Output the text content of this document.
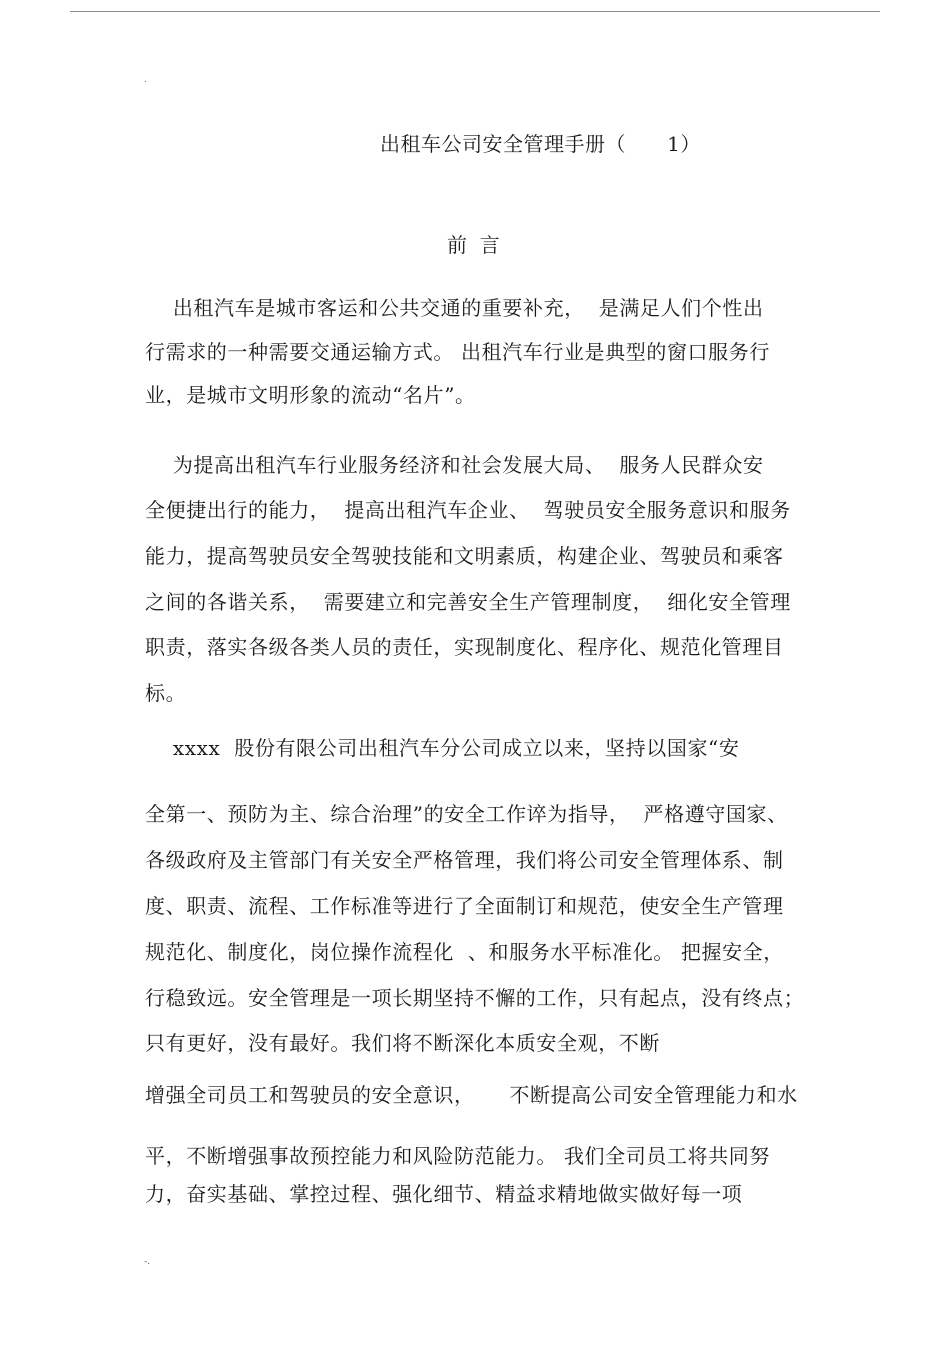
.
出租车公司安全管理手册（      1）
前  言
出租汽车是城市客运和公共交通的重要补充，  是满足人们个性出
行需求的一种需要交通运输方式。 出租汽车行业是典型的窗口服务行
业，是城市文明形象的流动“名片”。
为提高出租汽车行业服务经济和社会发展大局、  服务人民群众安
全便捷出行的能力，  提高出租汽车企业、  驾驶员安全服务意识和服务
能力，提高驾驶员安全驾驶技能和文明素质，构建企业、驾驶员和乘客
之间的各谐关系，  需要建立和完善安全生产管理制度，  细化安全管理
职责，落实各级各类人员的责任，实现制度化、程序化、规范化管理目
标。
xxxx  股份有限公司出租汽车分公司成立以来，坚持以国家“安
全第一、预防为主、综合治理”的安全工作谇为指导，  严格遵守国家、
各级政府及主管部门有关安全严格管理，我们将公司安全管理体系、制
度、职责、流程、工作标准等进行了全面制订和规范，使安全生产管理
规范化、制度化，岗位操作流程化  、和服务水平标准化。 把握安全，
行稳致远。安全管理是一项长期坚持不懈的工作，只有起点，没有终点；
只有更好，没有最好。我们将不断深化本质安全观，不断
增强全司员工和驾驶员的安全意识，     不断提高公司安全管理能力和水
平，不断增强事故预控能力和风险防范能力。 我们全司员工将共同努
力，奋实基础、掌控过程、强化细节、精益求精地做实做好每一项
-.
